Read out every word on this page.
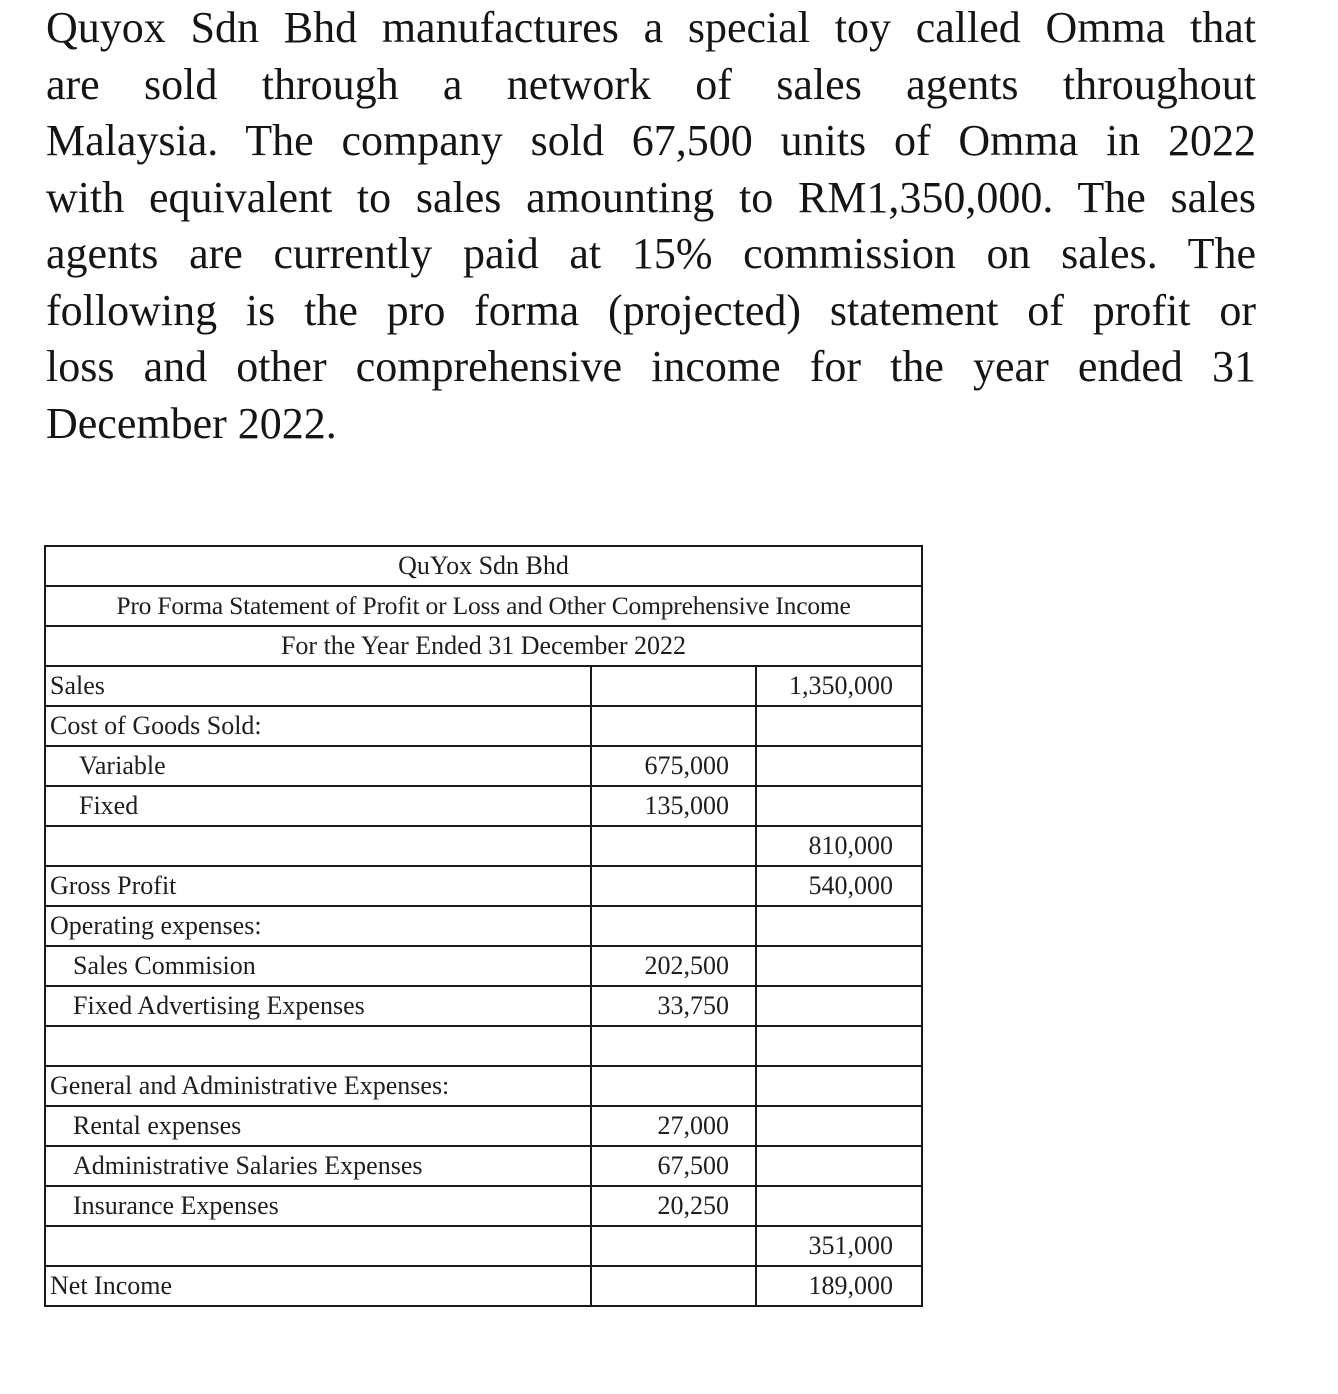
Quyox Sdn Bhd manufactures a special toy called Omma that
are sold through a network of sales agents throughout
Malaysia. The company sold 67,500 units of Omma in 2022
with equivalent to sales amounting to RM1,350,000. The sales
agents are currently paid at 15% commission on sales. The
following is the pro forma (projected) statement of profit or
loss and other comprehensive income for the year ended 31
December 2022.
QuYox Sdn Bhd		
Pro Forma Statement of Profit or Loss and Other Comprehensive Income		
For the Year Ended 31 December 2022		
Sales		1,350,000
Cost of Goods Sold:		
Variable	675,000	
Fixed	135,000	
		810,000
Gross Profit		540,000
Operating expenses:		
Sales Commision	202,500	
Fixed Advertising Expenses	33,750	

General and Administrative Expenses:		
Rental expenses	27,000	
Administrative Salaries Expenses	67,500	
Insurance Expenses	20,250	
		351,000
Net Income		189,000
